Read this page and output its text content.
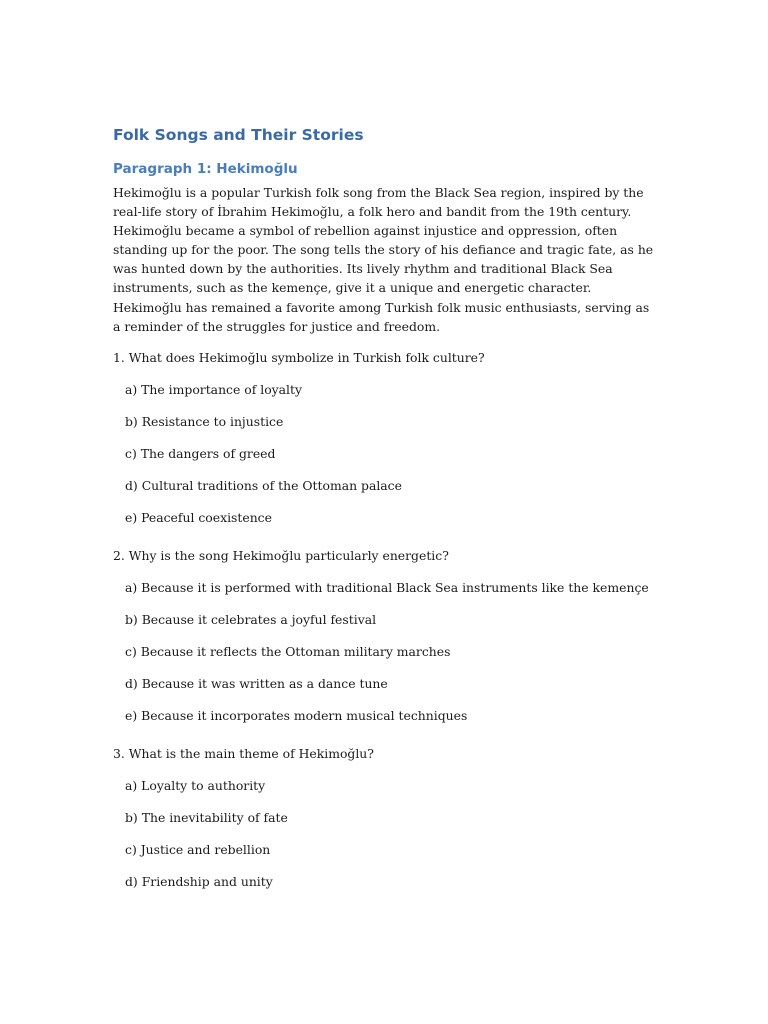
Folk Songs and Their Stories
Paragraph 1: Hekimoğlu

Hekimoğlu is a popular Turkish folk song from the Black Sea region, inspired by the real-life story of İbrahim Hekimoğlu, a folk hero and bandit from the 19th century. Hekimoğlu became a symbol of rebellion against injustice and oppression, often standing up for the poor. The song tells the story of his defiance and tragic fate, as he was hunted down by the authorities. Its lively rhythm and traditional Black Sea instruments, such as the kemençe, give it a unique and energetic character. Hekimoğlu has remained a favorite among Turkish folk music enthusiasts, serving as a reminder of the struggles for justice and freedom.

1. What does Hekimoğlu symbolize in Turkish folk culture?

a) The importance of loyalty

b) Resistance to injustice

c) The dangers of greed

d) Cultural traditions of the Ottoman palace

e) Peaceful coexistence

2. Why is the song Hekimoğlu particularly energetic?

a) Because it is performed with traditional Black Sea instruments like the kemençe

b) Because it celebrates a joyful festival

c) Because it reflects the Ottoman military marches

d) Because it was written as a dance tune

e) Because it incorporates modern musical techniques

3. What is the main theme of Hekimoğlu?

a) Loyalty to authority

b) The inevitability of fate

c) Justice and rebellion

d) Friendship and unity
